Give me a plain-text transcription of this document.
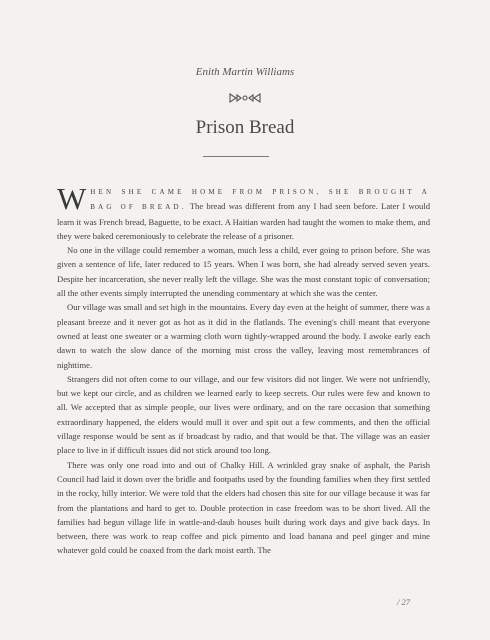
Enith Martin Williams
Prison Bread

WHEN SHE CAME HOME FROM PRISON, SHE BROUGHT A BAG OF BREAD. The bread was different from any I had seen before. Later I would learn it was French bread, Baguette, to be exact. A Haitian warden had taught the women to make them, and they were baked ceremoniously to celebrate the release of a prisoner.

No one in the village could remember a woman, much less a child, ever going to prison before. She was given a sentence of life, later reduced to 15 years. When I was born, she had already served seven years. Despite her incarceration, she never really left the village. She was the most constant topic of conversation; all the other events simply interrupted the unending commentary at which she was the center.

Our village was small and set high in the mountains. Every day even at the height of summer, there was a pleasant breeze and it never got as hot as it did in the flatlands. The evening's chill meant that everyone owned at least one sweater or a warming cloth worn tightly-wrapped around the body. I awoke early each dawn to watch the slow dance of the morning mist cross the valley, leaving most remembrances of nighttime.

Strangers did not often come to our village, and our few visitors did not linger. We were not unfriendly, but we kept our circle, and as children we learned early to keep secrets. Our rules were few and known to all. We accepted that as simple people, our lives were ordinary, and on the rare occasion that something extraordinary happened, the elders would mull it over and spit out a few comments, and then the official village response would be sent as if broadcast by radio, and that would be that. The village was an easier place to live in if difficult issues did not stick around too long.

There was only one road into and out of Chalky Hill. A wrinkled gray snake of asphalt, the Parish Council had laid it down over the bridle and footpaths used by the founding families when they first settled in the rocky, hilly interior. We were told that the elders had chosen this site for our village because it was far from the plantations and hard to get to. Double protection in case freedom was to be short lived. All the families had begun village life in wattle-and-daub houses built during work days and give back days. In between, there was work to reap coffee and pick pimento and load banana and peel ginger and mine whatever gold could be coaxed from the dark moist earth. The

/ 27
